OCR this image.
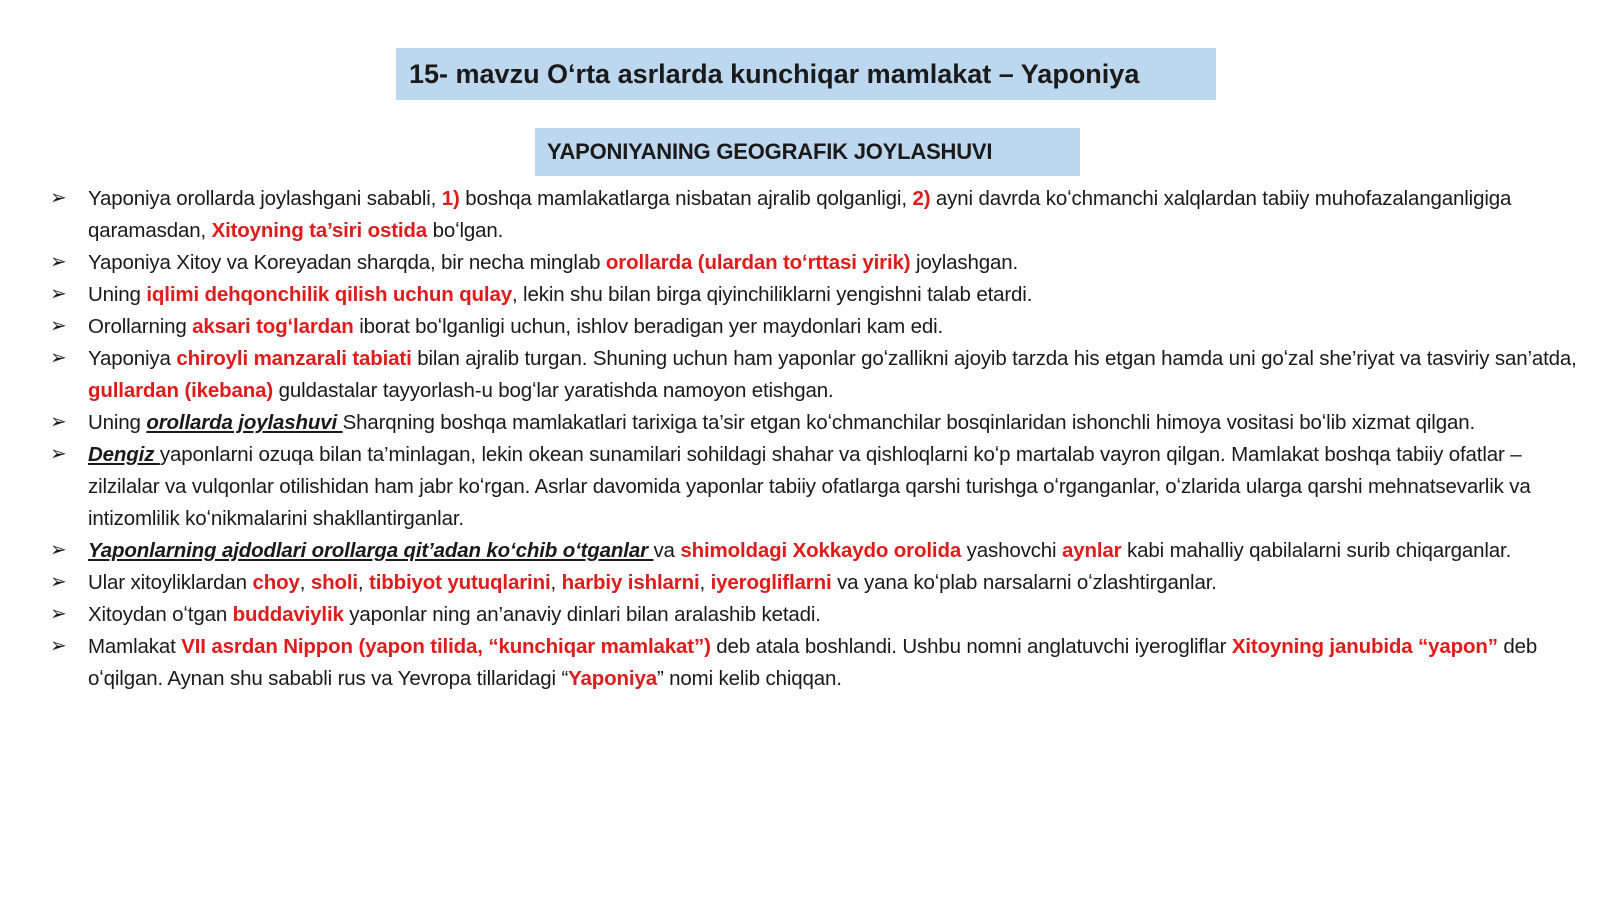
15- mavzu Oʻrta asrlarda kunchiqar mamlakat – Yaponiya
YAPONIYANING GEOGRAFIK JOYLASHUVI
➢	Yaponiya orollarda joylashgani sababli, 1) boshqa mamlakatlarga nisbatan ajralib qolganligi, 2) ayni davrda koʻchmanchi xalqlardan tabiiy muhofazalanganligiga qaramasdan, Xitoyning ta’siri ostida boʻlgan.
➢	Yaponiya Xitoy va Koreyadan sharqda, bir necha minglab orollarda (ulardan toʻrttasi yirik) joylashgan.
➢	Uning iqlimi dehqonchilik qilish uchun qulay, lekin shu bilan birga qiyinchiliklarni yengishni talab etardi.
➢	Orollarning aksari togʻlardan iborat boʻlganligi uchun, ishlov beradigan yer maydonlari kam edi.
➢	Yaponiya chiroyli manzarali tabiati bilan ajralib turgan. Shuning uchun ham yaponlar goʻzallikni ajoyib tarzda his etgan hamda uni goʻzal she’riyat va tasviriy san’atda, gullardan (ikebana) guldastalar tayyorlash-u bogʻlar yaratishda namoyon etishgan.
➢	Uning orollarda joylashuvi Sharqning boshqa mamlakatlari tarixiga ta’sir etgan koʻchmanchilar bosqinlaridan ishonchli himoya vositasi boʻlib xizmat qilgan.
➢	Dengiz yaponlarni ozuqa bilan ta’minlagan, lekin okean sunamilari sohildagi shahar va qishloqlarni koʻp martalab vayron qilgan. Mamlakat boshqa tabiiy ofatlar – zilzilalar va vulqonlar otilishidan ham jabr koʻrgan. Asrlar davomida yaponlar tabiiy ofatlarga qarshi turishga oʻrganganlar, oʻzlarida ularga qarshi mehnatsevarlik va intizomlilik koʻnikmalarini shakllantirganlar.
➢	Yaponlarning ajdodlari orollarga qit’adan koʻchib oʻtganlar va shimoldagi Xokkaydo orolida yashovchi aynlar kabi mahalliy qabilalarni surib chiqarganlar.
➢	Ular xitoyliklardan choy, sholi, tibbiyot yutuqlarini, harbiy ishlarni, iyerogliflarni va yana koʻplab narsalarni oʻzlashtirganlar.
➢	Xitoydan oʻtgan buddaviylik yaponlar ning an’anaviy dinlari bilan aralashib ketadi.
➢	Mamlakat VII asrdan Nippon (yapon tilida, “kunchiqar mamlakat”) deb atala boshlandi. Ushbu nomni anglatuvchi iyerogliflar Xitoyning janubida “yapon” deb oʻqilgan. Aynan shu sababli rus va Yevropa tillaridagi “Yaponiya” nomi kelib chiqqan.
